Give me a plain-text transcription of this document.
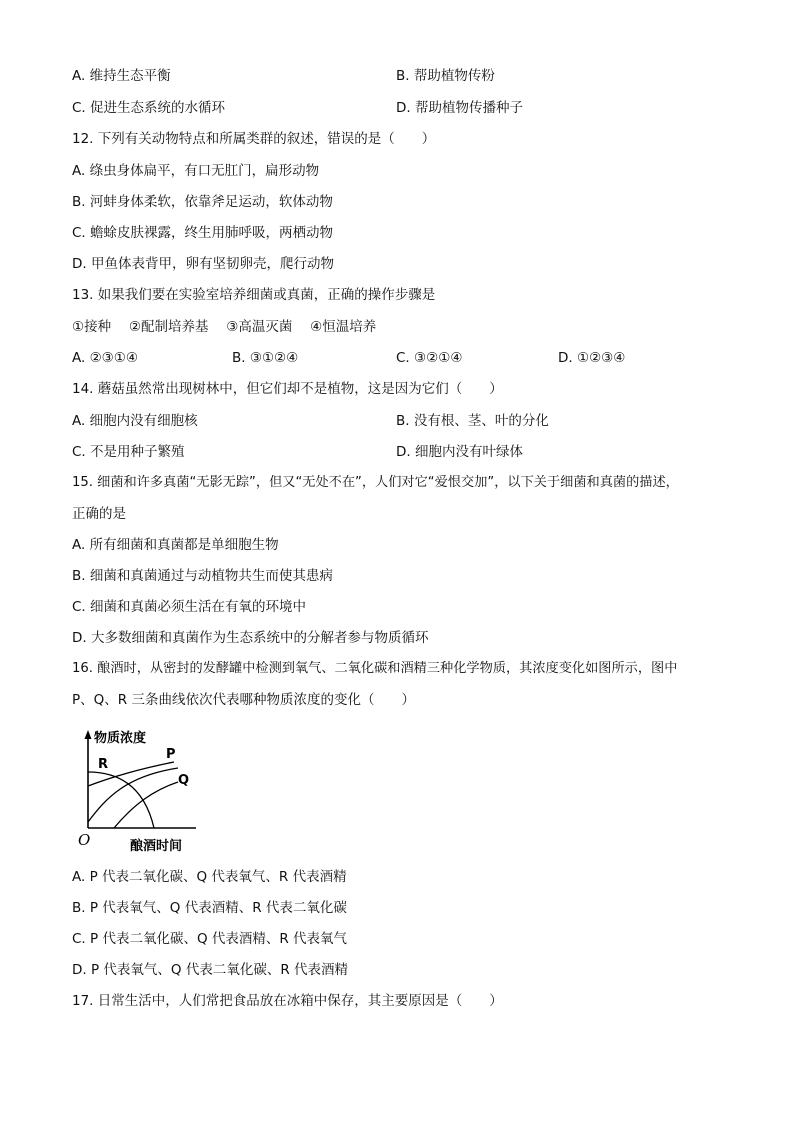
A. 维持生态平衡	B. 帮助植物传粉
C. 促进生态系统的水循环	D. 帮助植物传播种子
12. 下列有关动物特点和所属类群的叙述，错误的是（　　）
A. 绦虫身体扁平，有口无肛门，扁形动物
B. 河蚌身体柔软，依靠斧足运动，软体动物
C. 蟾蜍皮肤裸露，终生用肺呼吸，两栖动物
D. 甲鱼体表背甲，卵有坚韧卵壳，爬行动物
13. 如果我们要在实验室培养细菌或真菌，正确的操作步骤是
①接种　 ②配制培养基　 ③高温灭菌　 ④恒温培养
A. ②③①④	B. ③①②④	C. ③②①④	D. ①②③④
14. 蘑菇虽然常出现树林中，但它们却不是植物，这是因为它们（　　）
A. 细胞内没有细胞核	B. 没有根、茎、叶的分化
C. 不是用种子繁殖	D. 细胞内没有叶绿体
15. 细菌和许多真菌“无影无踪”，但又“无处不在”，人们对它“爱恨交加”，以下关于细菌和真菌的描述，
正确的是
A. 所有细菌和真菌都是单细胞生物
B. 细菌和真菌通过与动植物共生而使其患病
C. 细菌和真菌必须生活在有氧的环境中
D. 大多数细菌和真菌作为生态系统中的分解者参与物质循环
16. 酿酒时，从密封的发酵罐中检测到氧气、二氧化碳和酒精三种化学物质，其浓度变化如图所示，图中
P、Q、R 三条曲线依次代表哪种物质浓度的变化（　　）
物质浓度
R
P
Q
O	酿酒时间
A. P 代表二氧化碳、Q 代表氧气、R 代表酒精
B. P 代表氧气、Q 代表酒精、R 代表二氧化碳
C. P 代表二氧化碳、Q 代表酒精、R 代表氧气
D. P 代表氧气、Q 代表二氧化碳、R 代表酒精
17. 日常生活中，人们常把食品放在冰箱中保存，其主要原因是（　　）
